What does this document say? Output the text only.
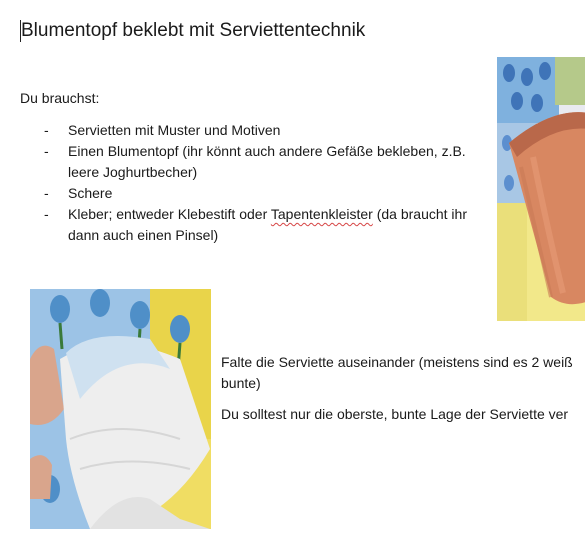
Blumentopf beklebt mit Serviettentechnik
Du brauchst:
- Servietten mit Muster und Motiven
- Einen Blumentopf (ihr könnt auch andere Gefäße bekleben, z.B. leere Joghurtbecher)
- Schere
- Kleber; entweder Klebestift oder Tapentenkleister (da braucht ihr dann auch einen Pinsel)
Falte die Serviette auseinander (meistens sind es 2 weiß
bunte)
Du solltest nur die oberste, bunte Lage der Serviette ver
